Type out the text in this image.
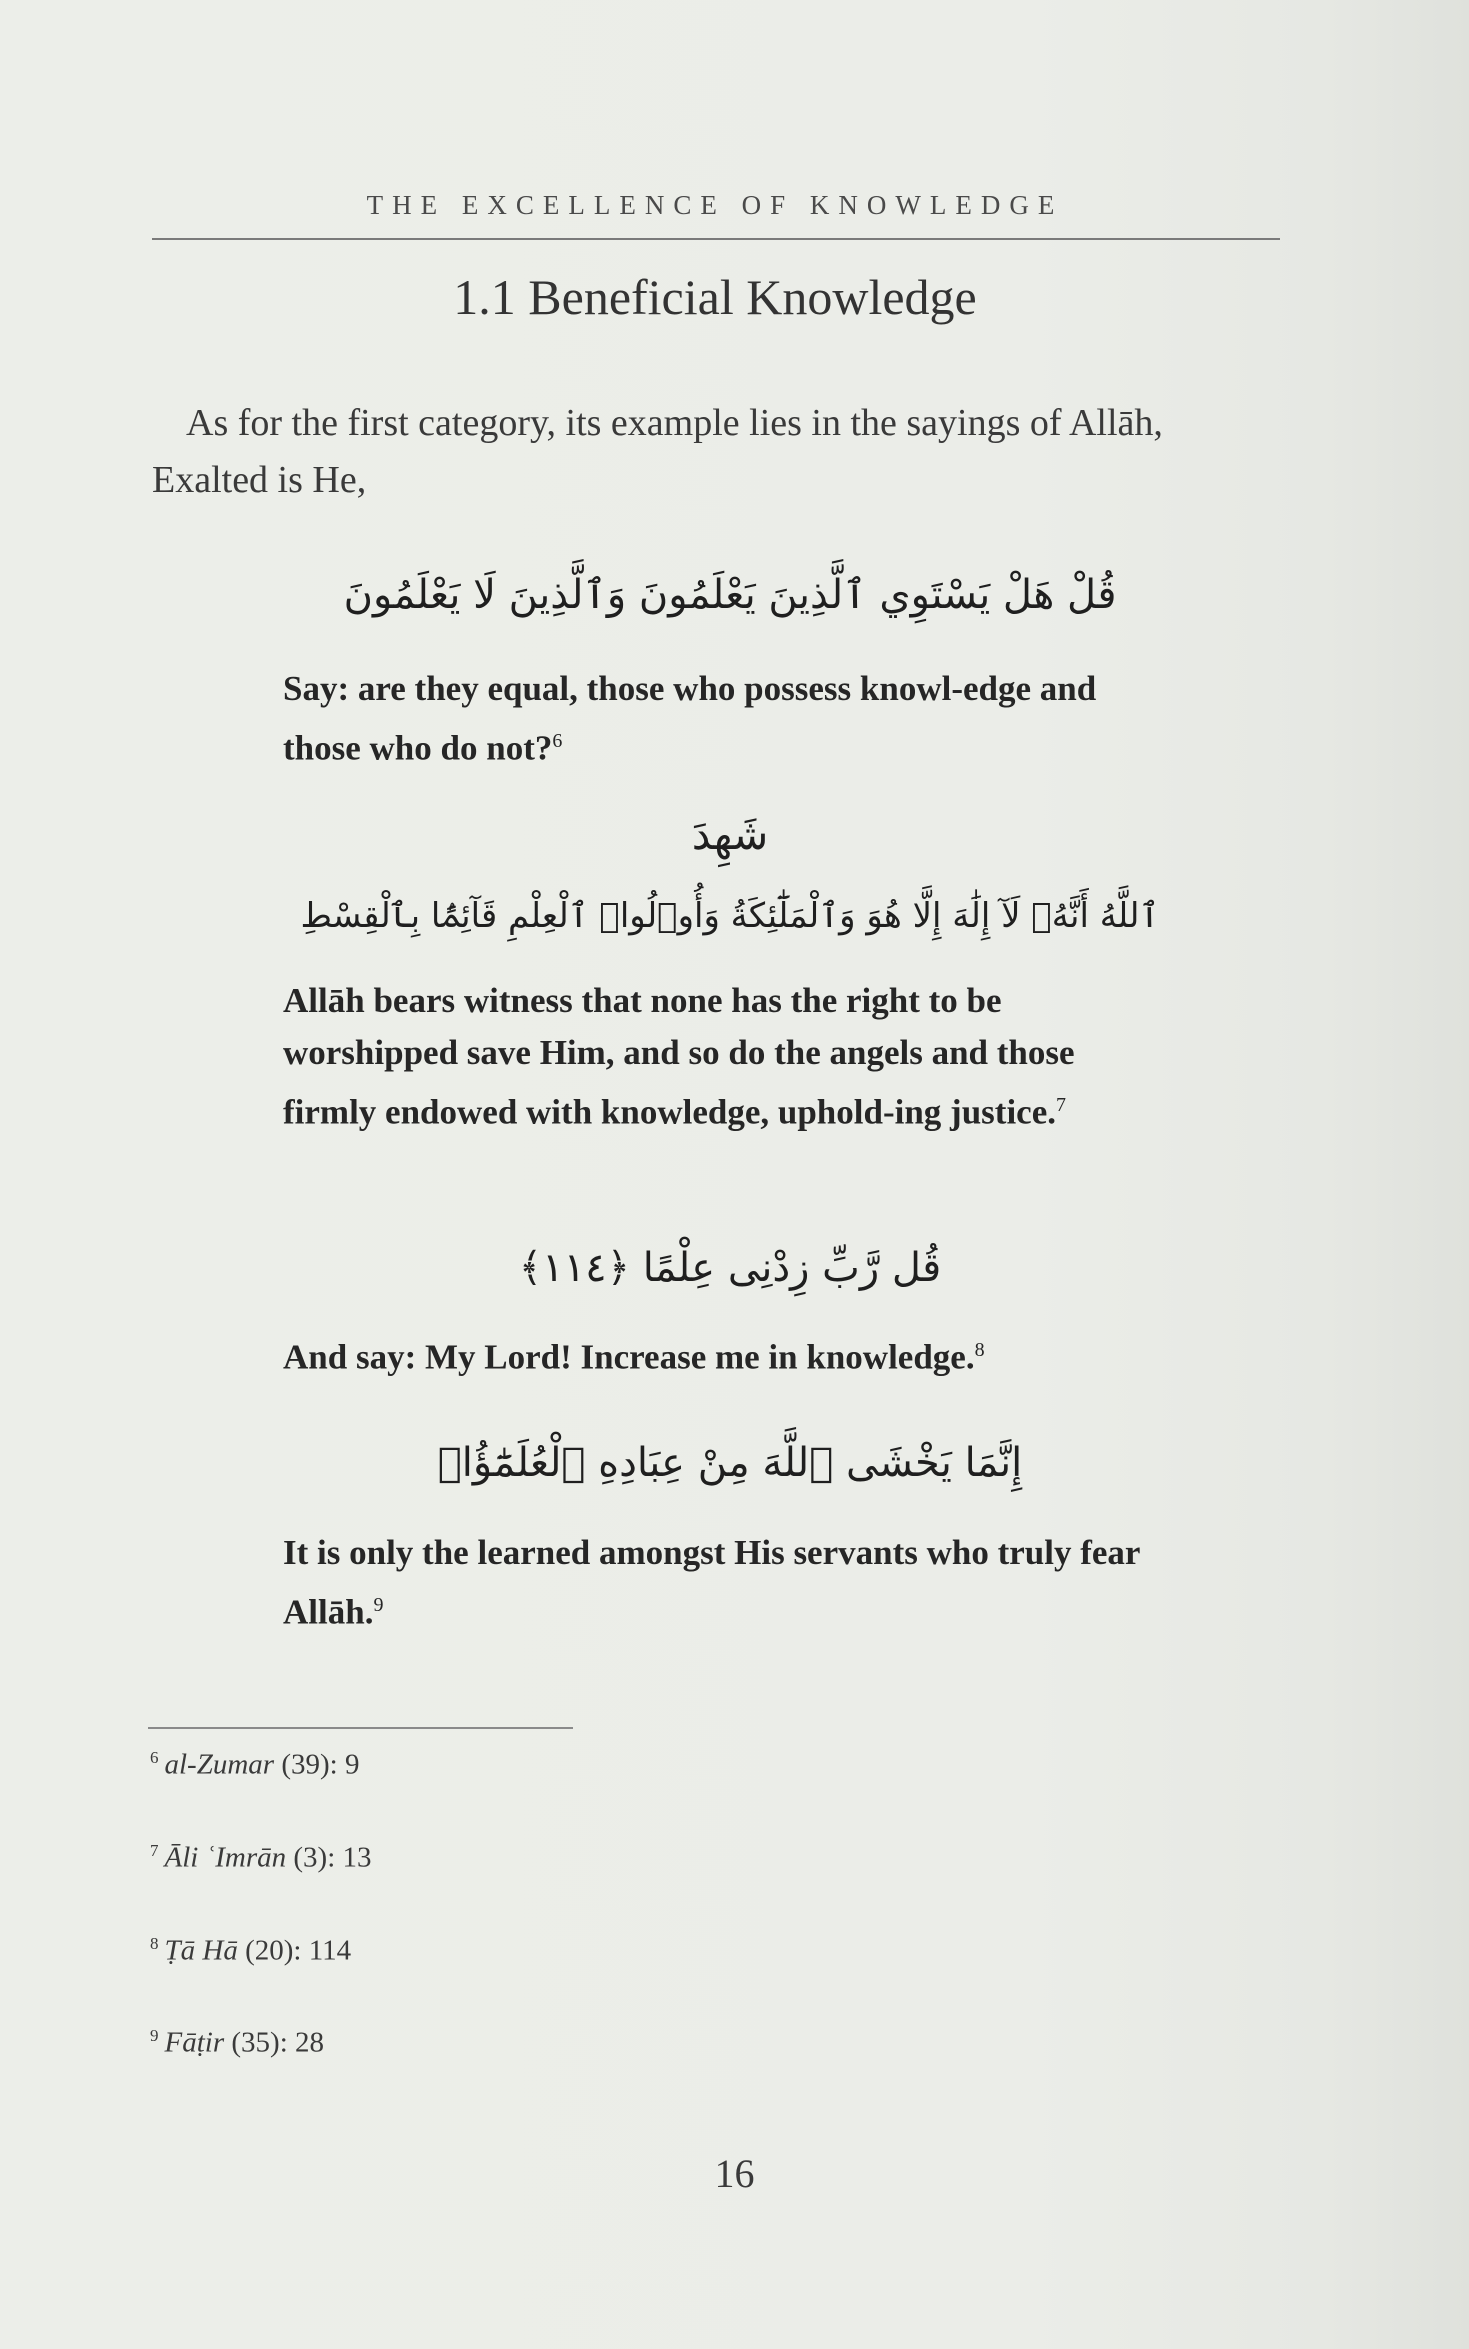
THE EXCELLENCE OF KNOWLEDGE
1.1 Beneficial Knowledge
As for the first category, its example lies in the sayings of Allāh, Exalted is He,
قُلْ هَلْ يَسْتَوِي ٱلَّذِينَ يَعْلَمُونَ وَٱلَّذِينَ لَا يَعْلَمُونَ
Say: are they equal, those who possess knowl-edge and those who do not?$^6$
شَهِدَ
ٱللَّهُ أَنَّهُۥ لَآ إِلَٰهَ إِلَّا هُوَ وَٱلْمَلَٰٓئِكَةُ وَأُو۟لُوا۟ ٱلْعِلْمِ قَآئِمًۢا بِٱلْقِسْطِ
Allāh bears witness that none has the right to be worshipped save Him, and so do the angels and those firmly endowed with knowledge, uphold-ing justice.$^7$
قُل رَّبِّ زِدْنِى عِلْمًا ﴿١١٤﴾
And say: My Lord! Increase me in knowledge.$^8$
إِنَّمَا يَخْشَى ٱللَّهَ مِنْ عِبَادِهِ ٱلْعُلَمَٰٓؤُا۟
It is only the learned amongst His servants who truly fear Allāh.$^9$
$^6$ al-Zumar (39): 9
$^7$ Āli ʿImrān (3): 13
$^8$ Ṭā Hā (20): 114
$^9$ Fāṭir (35): 28
16
